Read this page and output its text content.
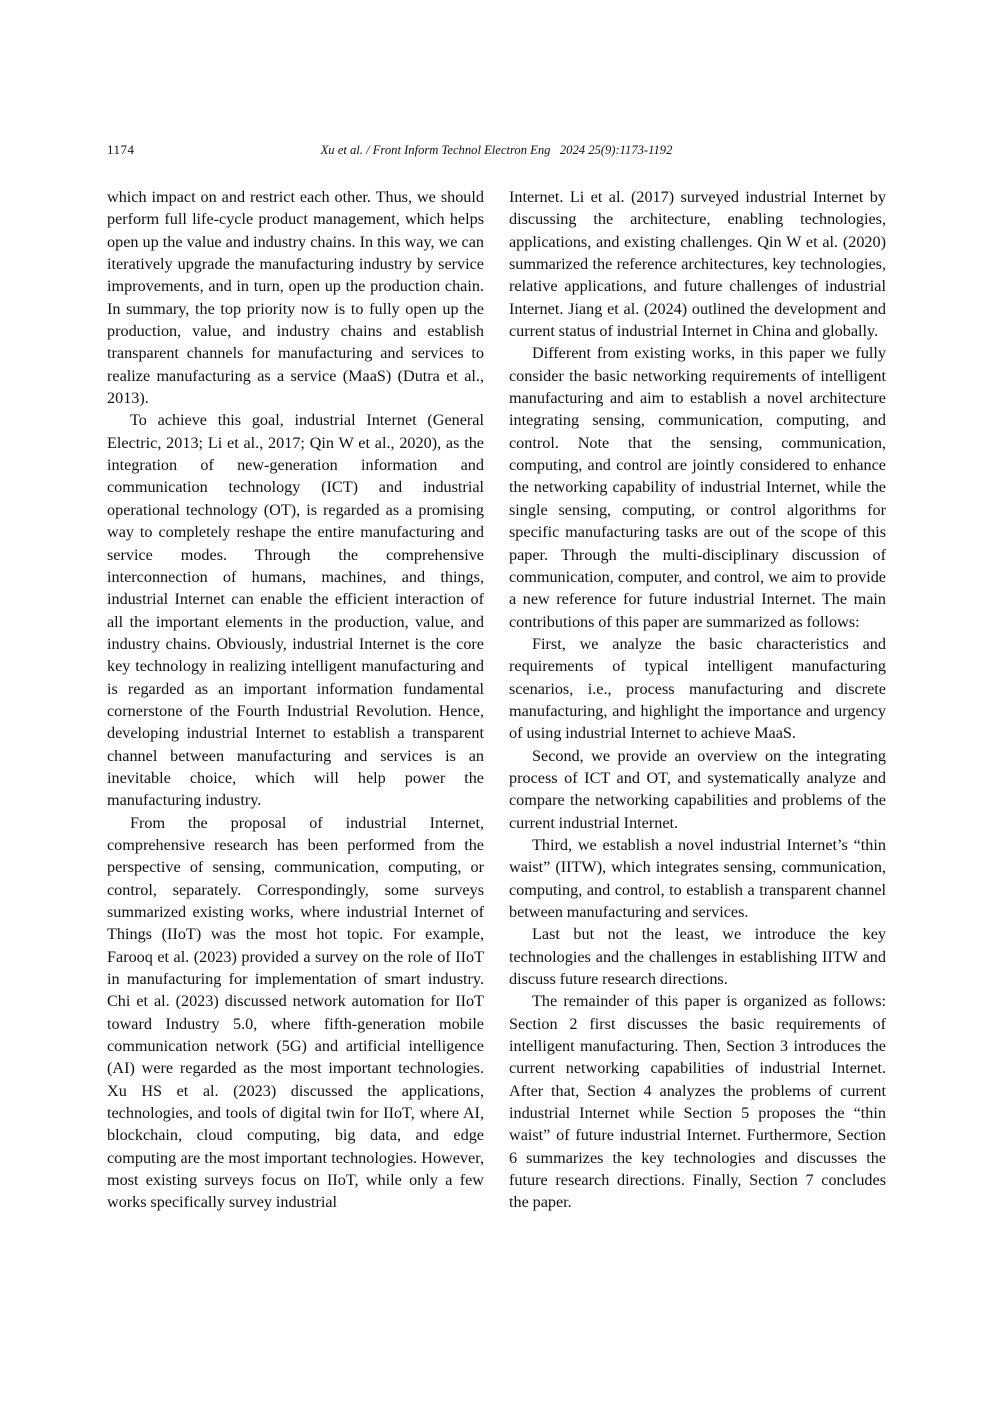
1174	Xu et al. / Front Inform Technol Electron Eng   2024 25(9):1173-1192

which impact on and restrict each other. Thus, we should perform full life-cycle product management, which helps open up the value and industry chains. In this way, we can iteratively upgrade the manufacturing industry by service improvements, and in turn, open up the production chain. In summary, the top priority now is to fully open up the production, value, and industry chains and establish transparent channels for manufacturing and services to realize manufacturing as a service (MaaS) (Dutra et al., 2013).

To achieve this goal, industrial Internet (General Electric, 2013; Li et al., 2017; Qin W et al., 2020), as the integration of new-generation information and communication technology (ICT) and industrial operational technology (OT), is regarded as a promising way to completely reshape the entire manufacturing and service modes. Through the comprehensive interconnection of humans, machines, and things, industrial Internet can enable the efficient interaction of all the important elements in the production, value, and industry chains. Obviously, industrial Internet is the core key technology in realizing intelligent manufacturing and is regarded as an important information fundamental cornerstone of the Fourth Industrial Revolution. Hence, developing industrial Internet to establish a transparent channel between manufacturing and services is an inevitable choice, which will help power the manufacturing industry.

From the proposal of industrial Internet, comprehensive research has been performed from the perspective of sensing, communication, computing, or control, separately. Correspondingly, some surveys summarized existing works, where industrial Internet of Things (IIoT) was the most hot topic. For example, Farooq et al. (2023) provided a survey on the role of IIoT in manufacturing for implementation of smart industry. Chi et al. (2023) discussed network automation for IIoT toward Industry 5.0, where fifth-generation mobile communication network (5G) and artificial intelligence (AI) were regarded as the most important technologies. Xu HS et al. (2023) discussed the applications, technologies, and tools of digital twin for IIoT, where AI, blockchain, cloud computing, big data, and edge computing are the most important technologies. However, most existing surveys focus on IIoT, while only a few works specifically survey industrial

Internet. Li et al. (2017) surveyed industrial Internet by discussing the architecture, enabling technologies, applications, and existing challenges. Qin W et al. (2020) summarized the reference architectures, key technologies, relative applications, and future challenges of industrial Internet. Jiang et al. (2024) outlined the development and current status of industrial Internet in China and globally.

Different from existing works, in this paper we fully consider the basic networking requirements of intelligent manufacturing and aim to establish a novel architecture integrating sensing, communication, computing, and control. Note that the sensing, communication, computing, and control are jointly considered to enhance the networking capability of industrial Internet, while the single sensing, computing, or control algorithms for specific manufacturing tasks are out of the scope of this paper. Through the multi-disciplinary discussion of communication, computer, and control, we aim to provide a new reference for future industrial Internet. The main contributions of this paper are summarized as follows:

First, we analyze the basic characteristics and requirements of typical intelligent manufacturing scenarios, i.e., process manufacturing and discrete manufacturing, and highlight the importance and urgency of using industrial Internet to achieve MaaS.

Second, we provide an overview on the integrating process of ICT and OT, and systematically analyze and compare the networking capabilities and problems of the current industrial Internet.

Third, we establish a novel industrial Internet’s “thin waist” (IITW), which integrates sensing, communication, computing, and control, to establish a transparent channel between manufacturing and services.

Last but not the least, we introduce the key technologies and the challenges in establishing IITW and discuss future research directions.

The remainder of this paper is organized as follows: Section 2 first discusses the basic requirements of intelligent manufacturing. Then, Section 3 introduces the current networking capabilities of industrial Internet. After that, Section 4 analyzes the problems of current industrial Internet while Section 5 proposes the “thin waist” of future industrial Internet. Furthermore, Section 6 summarizes the key technologies and discusses the future research directions. Finally, Section 7 concludes the paper.
